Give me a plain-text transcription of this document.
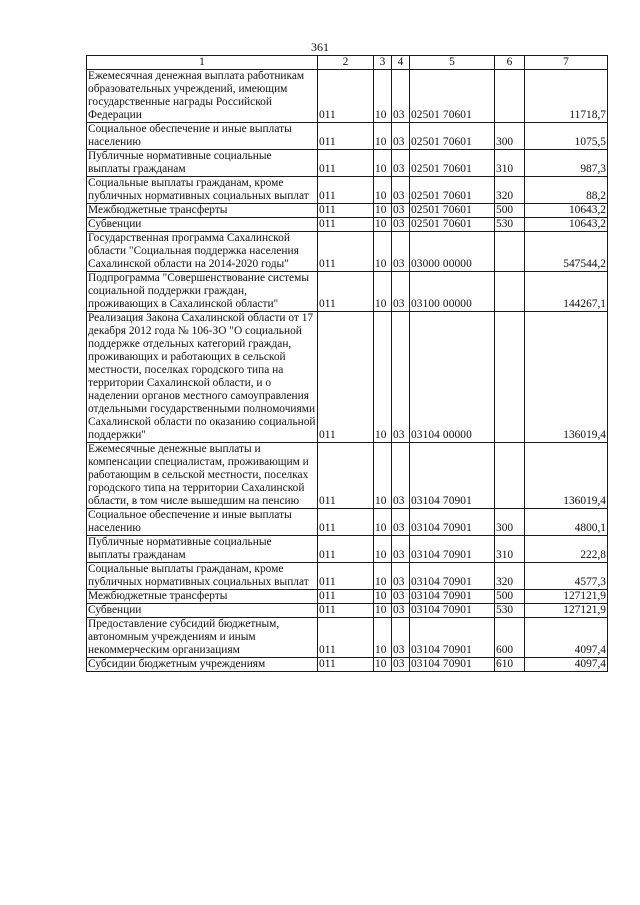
361
1	2	3	4	5	6	7
Ежемесячная денежная выплата работникам образовательных учреждений, имеющим государственные награды Российской Федерации	011	10	03	02501 70601		11718,7
Социальное обеспечение и иные выплаты населению	011	10	03	02501 70601	300	1075,5
Публичные нормативные социальные выплаты гражданам	011	10	03	02501 70601	310	987,3
Социальные выплаты гражданам, кроме публичных нормативных социальных выплат	011	10	03	02501 70601	320	88,2
Межбюджетные трансферты	011	10	03	02501 70601	500	10643,2
Субвенции	011	10	03	02501 70601	530	10643,2
Государственная программа Сахалинской области "Социальная поддержка населения Сахалинской области на 2014-2020 годы"	011	10	03	03000 00000		547544,2
Подпрограмма "Совершенствование системы социальной поддержки граждан, проживающих в Сахалинской области"	011	10	03	03100 00000		144267,1
Реализация Закона Сахалинской области от 17 декабря 2012 года № 106-ЗО "О социальной поддержке отдельных категорий граждан, проживающих и работающих в сельской местности, поселках городского типа на территории Сахалинской области, и о наделении органов местного самоуправления отдельными государственными полномочиями Сахалинской области по оказанию социальной поддержки"	011	10	03	03104 00000		136019,4
Ежемесячные денежные выплаты и компенсации специалистам, проживающим и работающим в сельской местности, поселках городского типа на территории Сахалинской области, в том числе вышедшим на пенсию	011	10	03	03104 70901		136019,4
Социальное обеспечение и иные выплаты населению	011	10	03	03104 70901	300	4800,1
Публичные нормативные социальные выплаты гражданам	011	10	03	03104 70901	310	222,8
Социальные выплаты гражданам, кроме публичных нормативных социальных выплат	011	10	03	03104 70901	320	4577,3
Межбюджетные трансферты	011	10	03	03104 70901	500	127121,9
Субвенции	011	10	03	03104 70901	530	127121,9
Предоставление субсидий бюджетным, автономным учреждениям и иным некоммерческим организациям	011	10	03	03104 70901	600	4097,4
Субсидии бюджетным учреждениям	011	10	03	03104 70901	610	4097,4
